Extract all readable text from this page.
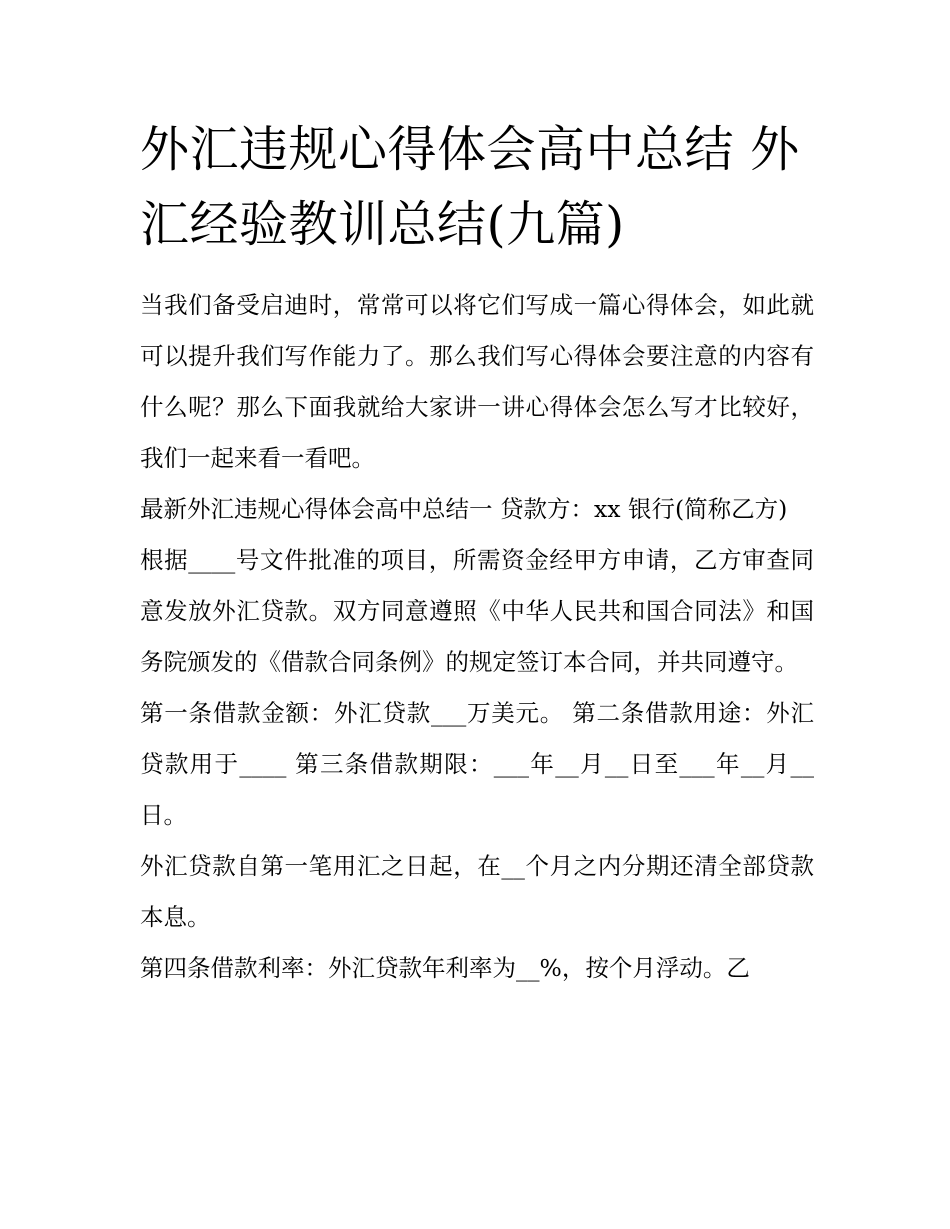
外汇违规心得体会高中总结 外汇经验教训总结(九篇)

当我们备受启迪时，常常可以将它们写成一篇心得体会，如此就可以提升我们写作能力了。那么我们写心得体会要注意的内容有什么呢？那么下面我就给大家讲一讲心得体会怎么写才比较好，我们一起来看一看吧。

最新外汇违规心得体会高中总结一 贷款方：xx 银行(简称乙方)

根据____号文件批准的项目，所需资金经甲方申请，乙方审查同意发放外汇贷款。双方同意遵照《中华人民共和国合同法》和国务院颁发的《借款合同条例》的规定签订本合同，并共同遵守。

第一条借款金额：外汇贷款___万美元。 第二条借款用途：外汇贷款用于____ 第三条借款期限：___年__月__日至___年__月__日。

外汇贷款自第一笔用汇之日起，在__个月之内分期还清全部贷款本息。

第四条借款利率：外汇贷款年利率为__%，按个月浮动。乙
